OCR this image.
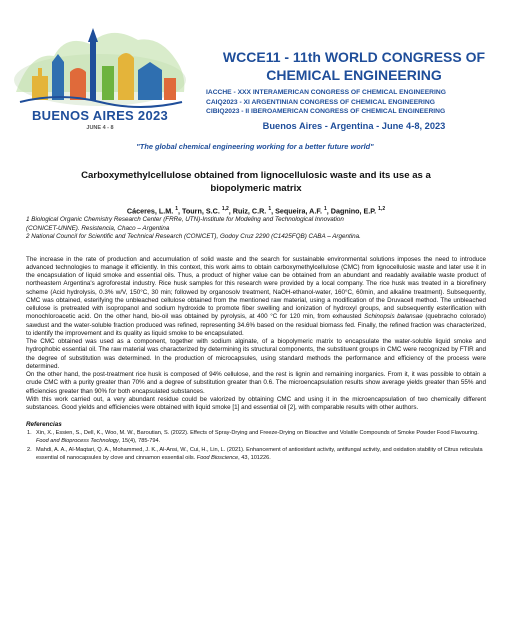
BUENOS AIRES 2023
JUNE 4 - 8
WCCE11 - 11th WORLD CONGRESS OF
CHEMICAL ENGINEERING
IACCHE - XXX INTERAMERICAN CONGRESS OF CHEMICAL ENGINEERING
CAIQ2023 - XI ARGENTINIAN CONGRESS OF CHEMICAL ENGINEERING
CIBIQ2023 - II IBEROAMERICAN CONGRESS OF CHEMICAL ENGINEERING
Buenos Aires - Argentina - June 4-8, 2023
"The global chemical engineering working for a better future world"
Carboxymethylcellulose obtained from lignocellulosic waste and its use as a
biopolymeric matrix
Cáceres, L.M. $^1$, Tourn, S.C. $^{1,2}$, Ruiz, C.R. $^1$, Sequeira, A.F. $^1$, Dagnino, E.P. $^{1,2}$
1 Biological Organic Chemistry Research Center (FRRe, UTN)-Institute for Modeling and Technological Innovation
(CONICET-UNNE). Resistencia, Chaco – Argentina
2 National Council for Scientific and Technical Research (CONICET), Godoy Cruz 2290 (C1425FQB) CABA – Argentina.

The increase in the rate of production and accumulation of solid waste and the search for sustainable environmental solutions imposes the need to introduce advanced technologies to manage it efficiently. In this context, this work aims to obtain carboxymethylcellulose (CMC) from lignocellulosic waste and later use it in the encapsulation of liquid smoke and essential oils. Thus, a product of higher value can be obtained from an abundant and readably available waste product of northeastern Argentina's agroforestal industry. Rice husk samples for this research were provided by a local company. The rice husk was treated in a biorefinery scheme (Acid hydrolysis, 0.3% w/V, 150°C, 30 min; followed by organosolv treatment, NaOH-ethanol-water, 160°C, 60min, and alkaline treatment). Subsequently, CMC was obtained, esterifying the unbleached cellulose obtained from the mentioned raw material, using a modification of the Druvacell method. The unbleached cellulose is pretreated with isopropanol and sodium hydroxide to promote fiber swelling and ionization of hydroxyl groups, and subsequently esterification with monochloroacetic acid. On the other hand, bio-oil was obtained by pyrolysis, at 400 °C for 120 min, from exhausted Schinopsis balansae (quebracho colorado) sawdust and the water-soluble fraction produced was refined, representing 34.6% based on the residual biomass fed. Finally, the refined fraction was characterized, to identify the improvement and its quality as liquid smoke to be encapsulated.

The CMC obtained was used as a component, together with sodium alginate, of a biopolymeric matrix to encapsulate the water-soluble liquid smoke and hydrophobic essential oil. The raw material was characterized by determining its structural components, the substituent groups in CMC were recognized by FTIR and the degree of substitution was determined. In the production of microcapsules, using standard methods the performance and efficiency of the process were determined.

On the other hand, the post-treatment rice husk is composed of 94% cellulose, and the rest is lignin and remaining inorganics. From it, it was possible to obtain a crude CMC with a purity greater than 70% and a degree of substitution greater than 0.6. The microencapsulation results show average yields greater than 55% and efficiencies greater than 90% for both encapsulated substances.

With this work carried out, a very abundant residue could be valorized by obtaining CMC and using it in the microencapsulation of two chemically different substances. Good yields and efficiencies were obtained with liquid smoke [1] and essential oil [2], with comparable results with other authors.

Referencias
1. Xin, X., Essien, S., Dell, K., Woo, M. W., Baroutian, S. (2022). Effects of Spray-Drying and Freeze-Drying on Bioactive and Volatile Compounds of Smoke Powder Food Flavouring. Food and Bioprocess Technology, 15(4), 785-794.
2. Mahdi, A. A., Al-Maqtari, Q. A., Mohammed, J. K., Al-Ansi, W., Cui, H., Lin, L. (2021). Enhancement of antioxidant activity, antifungal activity, and oxidation stability of Citrus reticulata essential oil nanocapsules by clove and cinnamon essential oils. Food Bioscience, 43, 101226.
